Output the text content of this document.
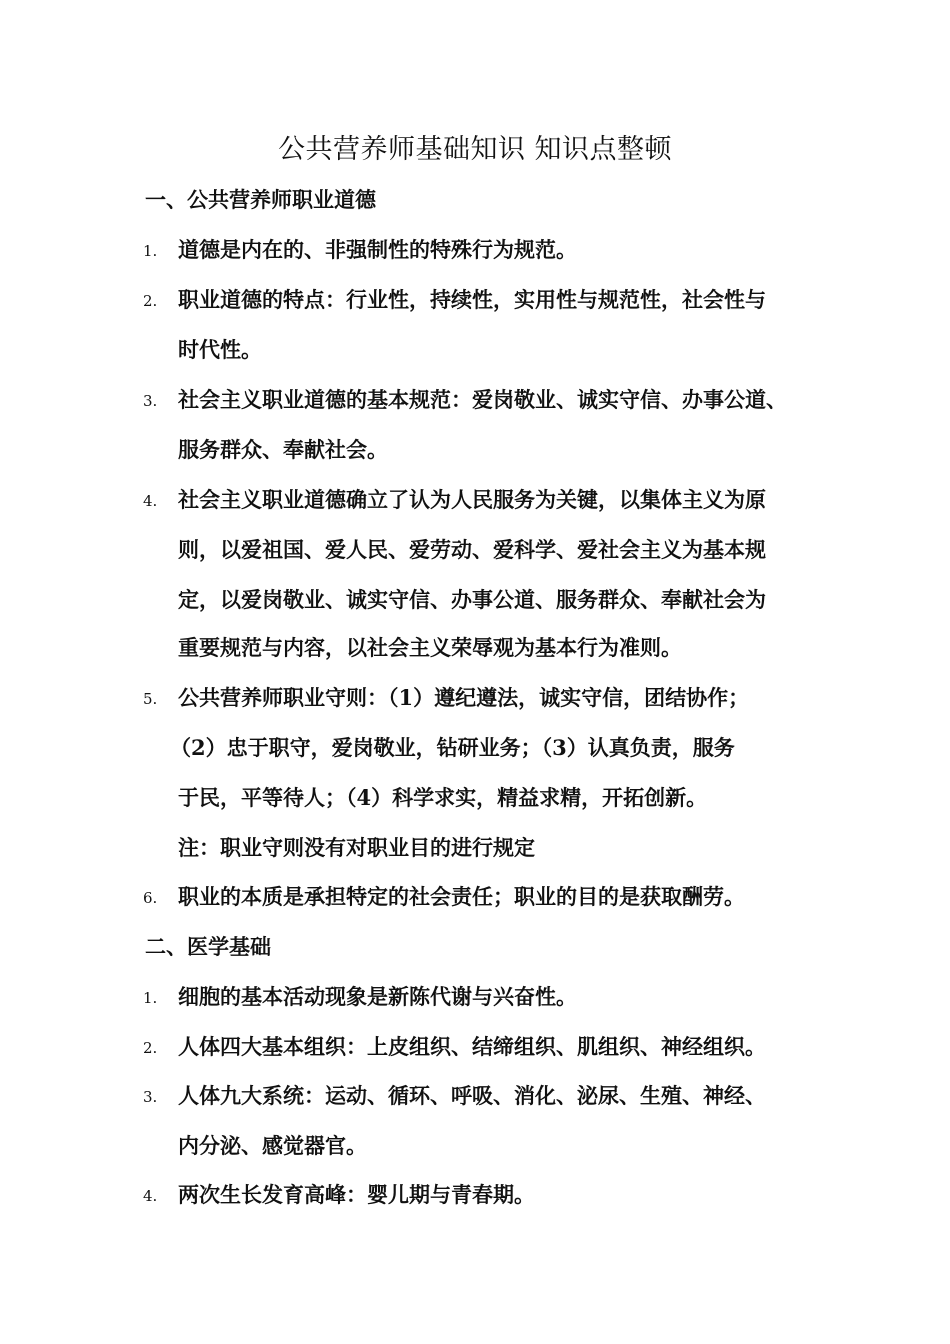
公共营养师基础知识 知识点整顿
一、公共营养师职业道德
1. 道德是内在的、非强制性的特殊行为规范。
2. 职业道德的特点：行业性，持续性，实用性与规范性，社会性与
时代性。
3. 社会主义职业道德的基本规范：爱岗敬业、诚实守信、办事公道、
服务群众、奉献社会。
4. 社会主义职业道德确立了认为人民服务为关键，以集体主义为原
则，以爱祖国、爱人民、爱劳动、爱科学、爱社会主义为基本规
定，以爱岗敬业、诚实守信、办事公道、服务群众、奉献社会为
重要规范与内容，以社会主义荣辱观为基本行为准则。
5. 公共营养师职业守则：（1）遵纪遵法，诚实守信，团结协作；
（2）忠于职守，爱岗敬业，钻研业务；（3）认真负责，服务
于民，平等待人；（4）科学求实，精益求精，开拓创新。
注：职业守则没有对职业目的进行规定
6. 职业的本质是承担特定的社会责任；职业的目的是获取酬劳。
二、医学基础
1. 细胞的基本活动现象是新陈代谢与兴奋性。
2. 人体四大基本组织：上皮组织、结缔组织、肌组织、神经组织。
3. 人体九大系统：运动、循环、呼吸、消化、泌尿、生殖、神经、
内分泌、感觉器官。
4. 两次生长发育高峰：婴儿期与青春期。
